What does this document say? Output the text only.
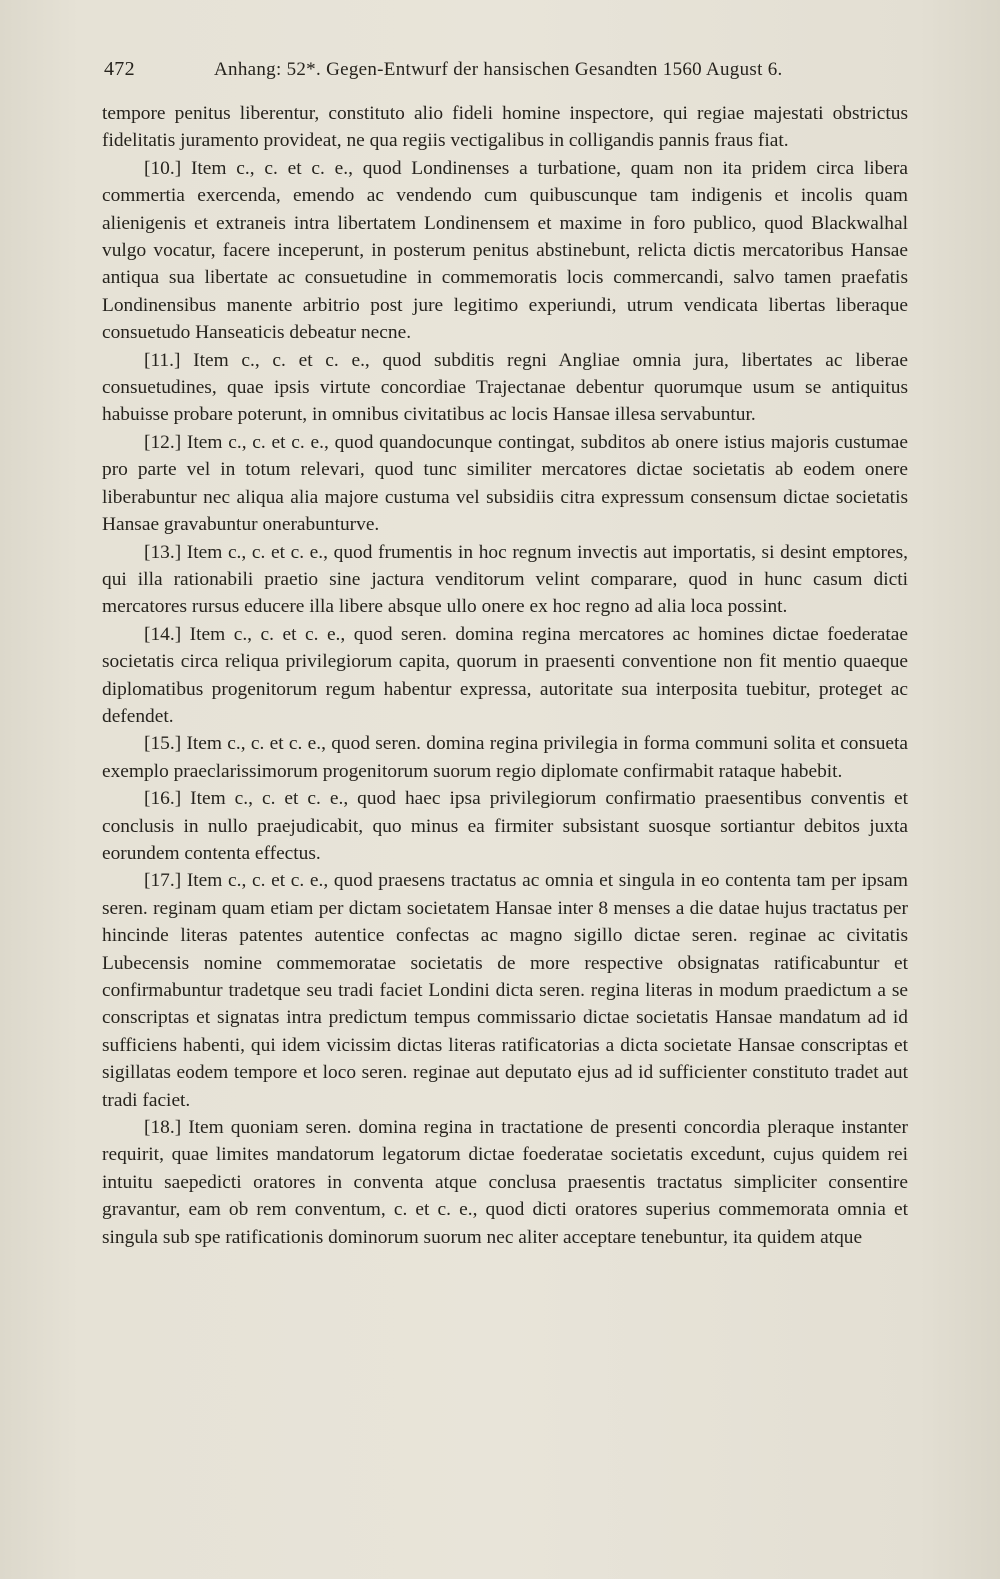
472	Anhang: 52*. Gegen-Entwurf der hansischen Gesandten 1560 August 6.

tempore penitus liberentur, constituto alio fideli homine inspectore, qui regiae majestati obstrictus fidelitatis juramento provideat, ne qua regiis vectigalibus in colligandis pannis fraus fiat.

[10.] Item c., c. et c. e., quod Londinenses a turbatione, quam non ita pridem circa libera commertia exercenda, emendo ac vendendo cum quibuscunque tam indigenis et incolis quam alienigenis et extraneis intra libertatem Londinensem et maxime in foro publico, quod Blackwalhal vulgo vocatur, facere inceperunt, in posterum penitus abstinebunt, relicta dictis mercatoribus Hansae antiqua sua libertate ac consuetudine in commemoratis locis commercandi, salvo tamen praefatis Londinensibus manente arbitrio post jure legitimo experiundi, utrum vendicata libertas liberaque consuetudo Hanseaticis debeatur necne.

[11.] Item c., c. et c. e., quod subditis regni Angliae omnia jura, libertates ac liberae consuetudines, quae ipsis virtute concordiae Trajectanae debentur quorumque usum se antiquitus habuisse probare poterunt, in omnibus civitatibus ac locis Hansae illesa servabuntur.

[12.] Item c., c. et c. e., quod quandocunque contingat, subditos ab onere istius majoris custumae pro parte vel in totum relevari, quod tunc similiter mercatores dictae societatis ab eodem onere liberabuntur nec aliqua alia majore custuma vel subsidiis citra expressum consensum dictae societatis Hansae gravabuntur onerabunturve.

[13.] Item c., c. et c. e., quod frumentis in hoc regnum invectis aut importatis, si desint emptores, qui illa rationabili praetio sine jactura venditorum velint comparare, quod in hunc casum dicti mercatores rursus educere illa libere absque ullo onere ex hoc regno ad alia loca possint.

[14.] Item c., c. et c. e., quod seren. domina regina mercatores ac homines dictae foederatae societatis circa reliqua privilegiorum capita, quorum in praesenti conventione non fit mentio quaeque diplomatibus progenitorum regum habentur expressa, autoritate sua interposita tuebitur, proteget ac defendet.

[15.] Item c., c. et c. e., quod seren. domina regina privilegia in forma communi solita et consueta exemplo praeclarissimorum progenitorum suorum regio diplomate confirmabit rataque habebit.

[16.] Item c., c. et c. e., quod haec ipsa privilegiorum confirmatio praesentibus conventis et conclusis in nullo praejudicabit, quo minus ea firmiter subsistant suosque sortiantur debitos juxta eorundem contenta effectus.

[17.] Item c., c. et c. e., quod praesens tractatus ac omnia et singula in eo contenta tam per ipsam seren. reginam quam etiam per dictam societatem Hansae inter 8 menses a die datae hujus tractatus per hincinde literas patentes autentice confectas ac magno sigillo dictae seren. reginae ac civitatis Lubecensis nomine commemoratae societatis de more respective obsignatas ratificabuntur et confirmabuntur tradetque seu tradi faciet Londini dicta seren. regina literas in modum praedictum a se conscriptas et signatas intra predictum tempus commissario dictae societatis Hansae mandatum ad id sufficiens habenti, qui idem vicissim dictas literas ratificatorias a dicta societate Hansae conscriptas et sigillatas eodem tempore et loco seren. reginae aut deputato ejus ad id sufficienter constituto tradet aut tradi faciet.

[18.] Item quoniam seren. domina regina in tractatione de presenti concordia pleraque instanter requirit, quae limites mandatorum legatorum dictae foederatae societatis excedunt, cujus quidem rei intuitu saepedicti oratores in conventa atque conclusa praesentis tractatus simpliciter consentire gravantur, eam ob rem conventum, c. et c. e., quod dicti oratores superius commemorata omnia et singula sub spe ratificationis dominorum suorum nec aliter acceptare tenebuntur, ita quidem atque
